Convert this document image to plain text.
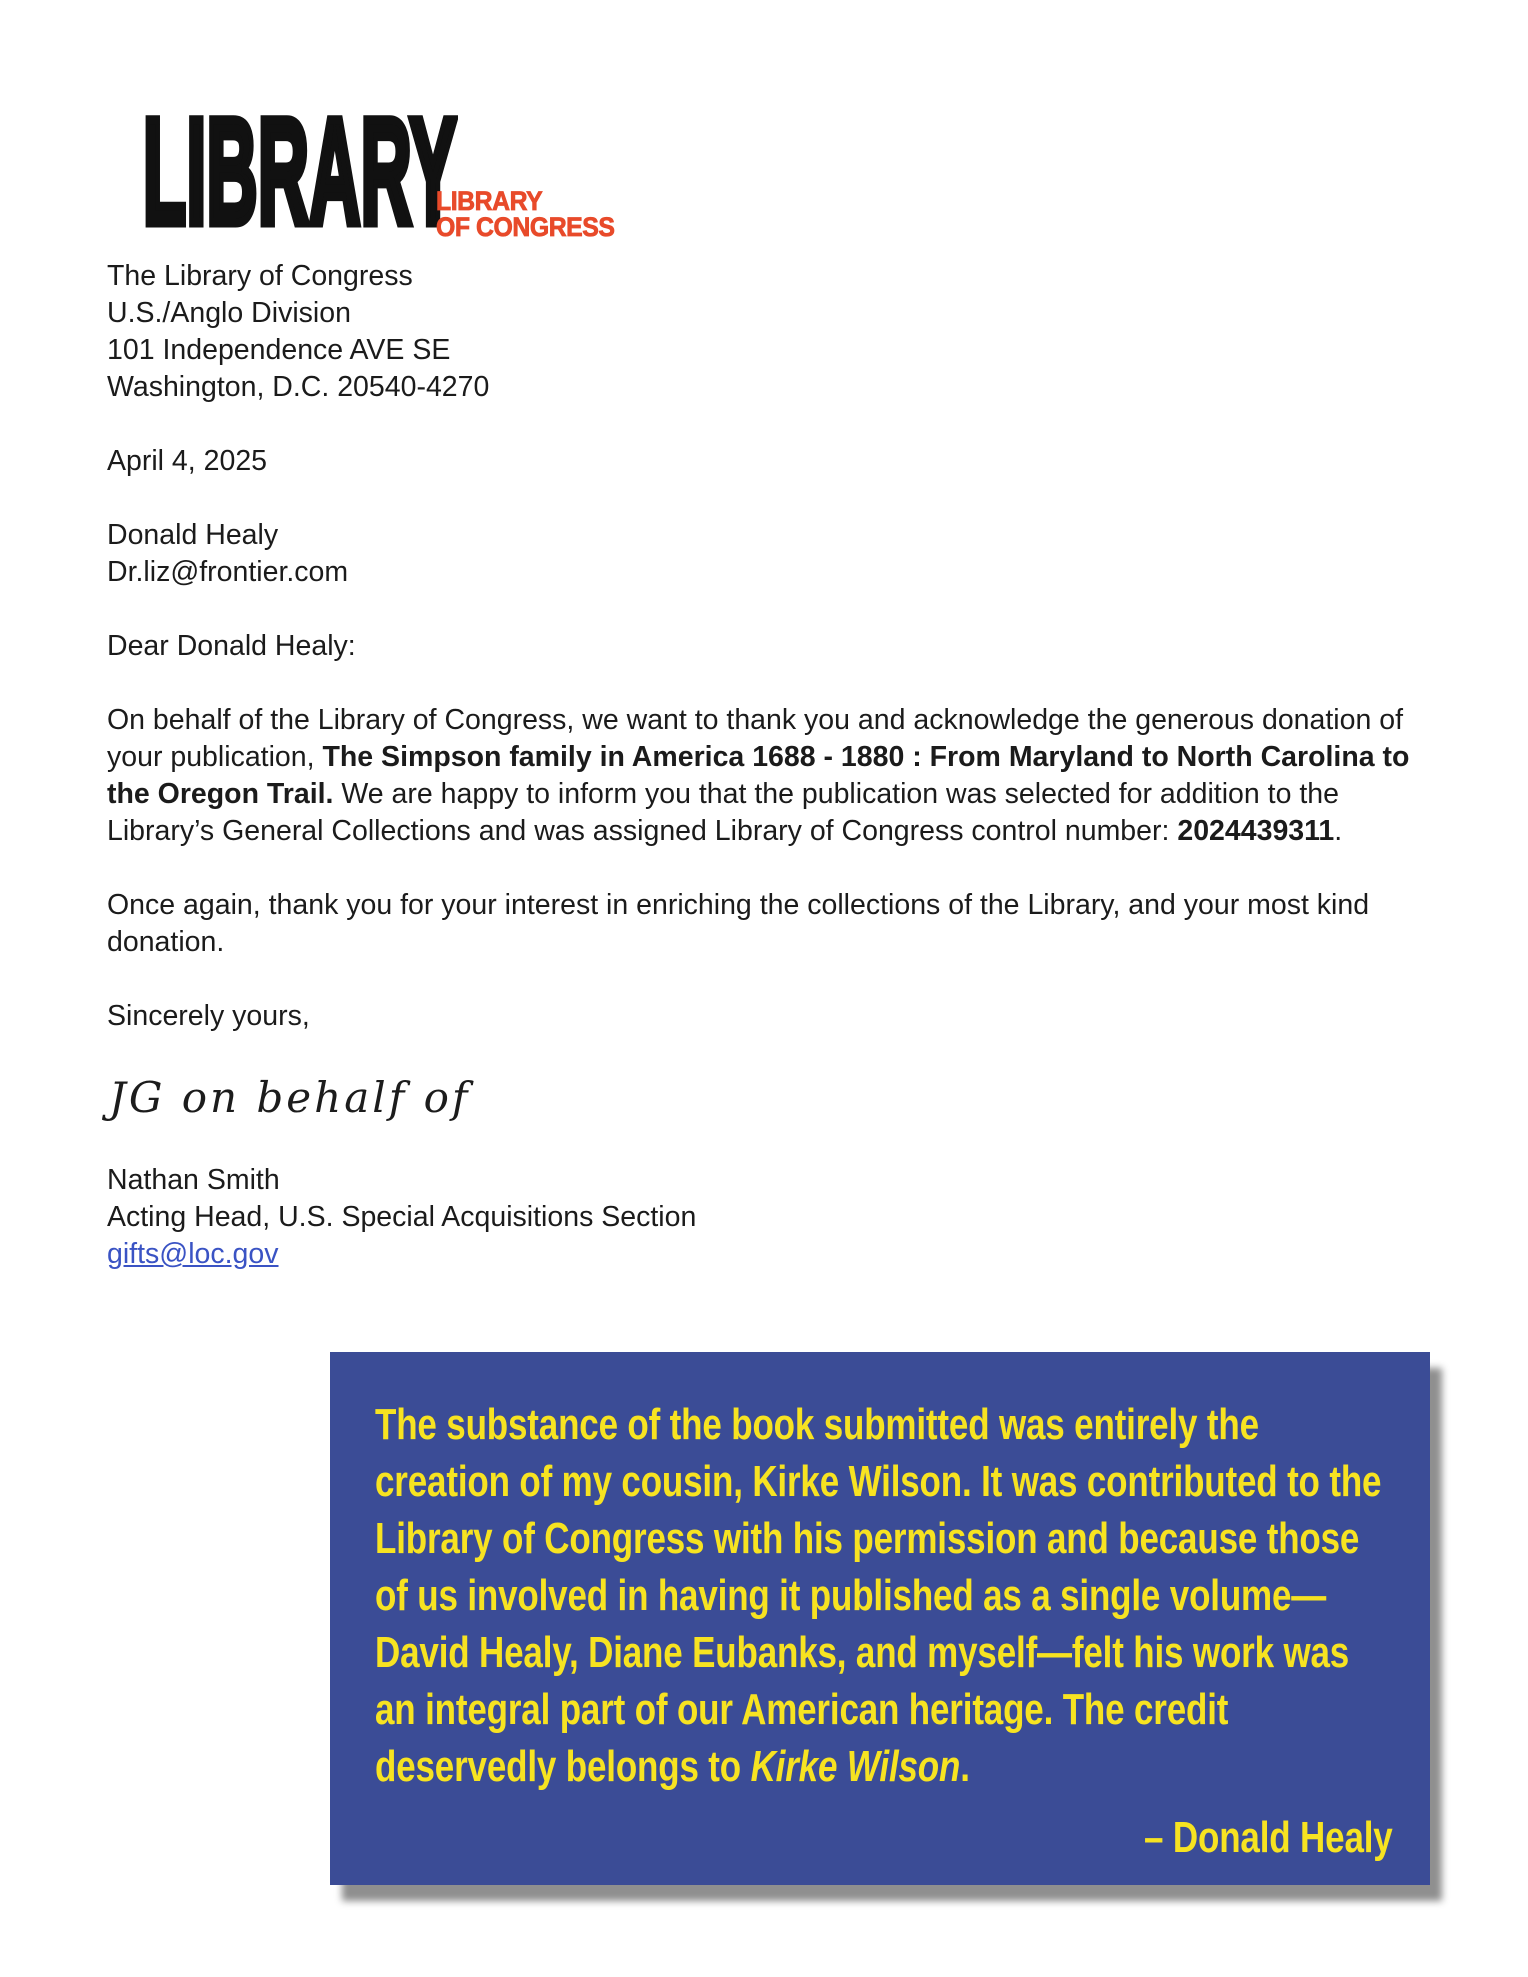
LIBRARY
LIBRARY
OF CONGRESS

The Library of Congress
U.S./Anglo Division
101 Independence AVE SE
Washington, D.C. 20540-4270

April 4, 2025

Donald Healy
Dr.liz@frontier.com

Dear Donald Healy:

On behalf of the Library of Congress, we want to thank you and acknowledge the generous donation of your publication, The Simpson family in America 1688 - 1880 : From Maryland to North Carolina to the Oregon Trail. We are happy to inform you that the publication was selected for addition to the Library’s General Collections and was assigned Library of Congress control number: 2024439311.

Once again, thank you for your interest in enriching the collections of the Library, and your most kind donation.

Sincerely yours,

JG on behalf of

Nathan Smith
Acting Head, U.S. Special Acquisitions Section
gifts@loc.gov

The substance of the book submitted was entirely the creation of my cousin, Kirke Wilson. It was contributed to the Library of Congress with his permission and because those of us involved in having it published as a single volume—David Healy, Diane Eubanks, and myself—felt his work was an integral part of our American heritage. The credit deservedly belongs to Kirke Wilson.
– Donald Healy
